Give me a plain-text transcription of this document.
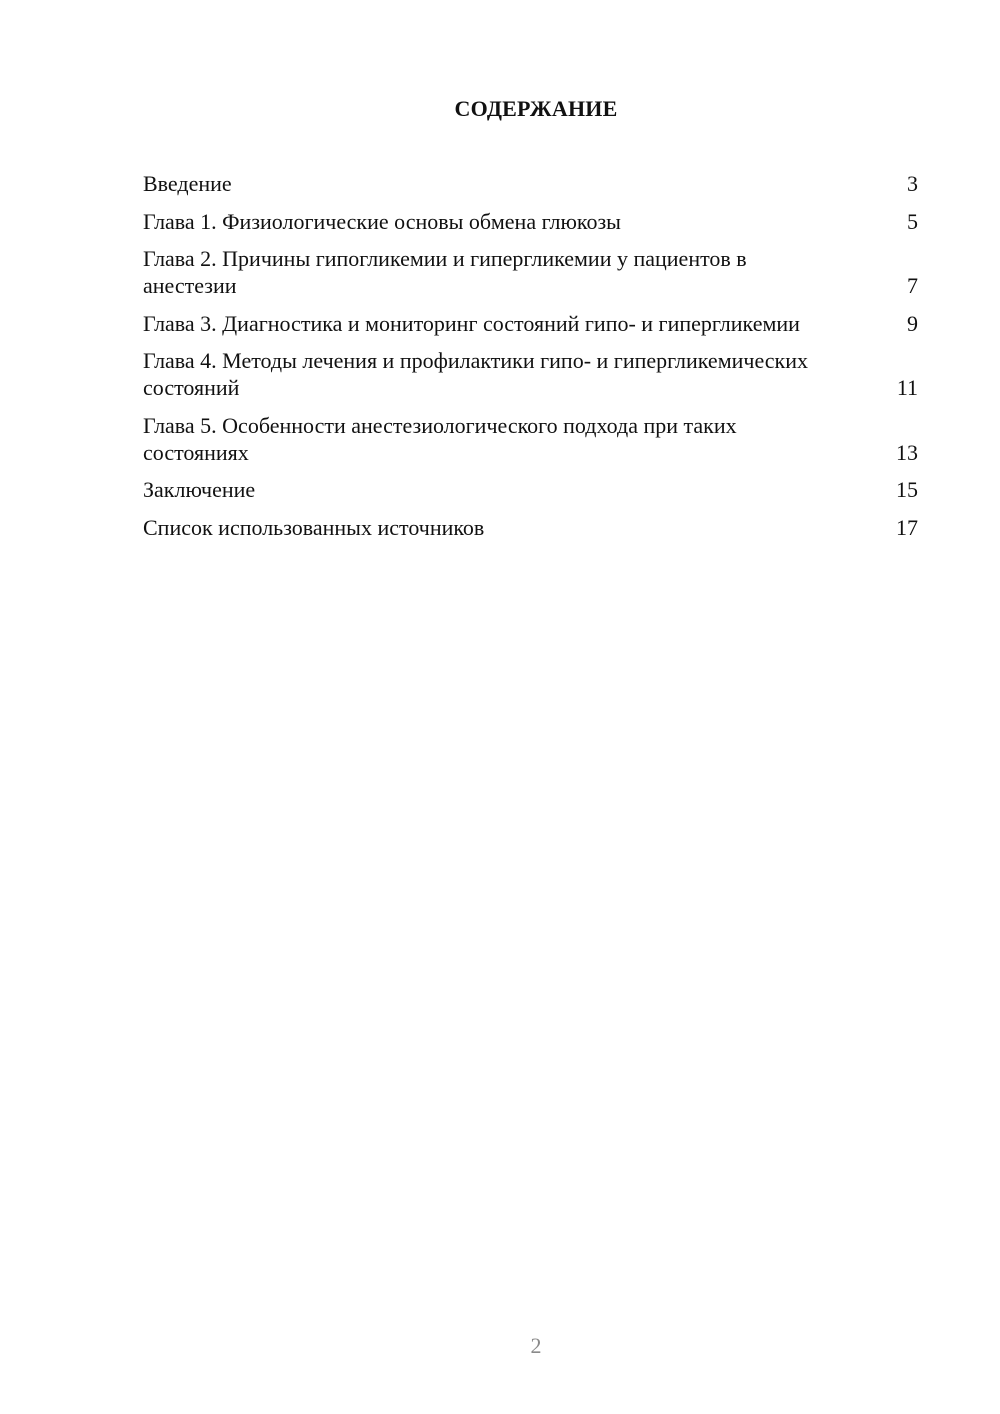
СОДЕРЖАНИЕ
Введение	3
Глава 1. Физиологические основы обмена глюкозы	5
Глава 2. Причины гипогликемии и гипергликемии у пациентов в анестезии	7
Глава 3. Диагностика и мониторинг состояний гипо- и гипергликемии	9
Глава 4. Методы лечения и профилактики гипо- и гипергликемических состояний	11
Глава 5. Особенности анестезиологического подхода при таких состояниях	13
Заключение	15
Список использованных источников	17
2
